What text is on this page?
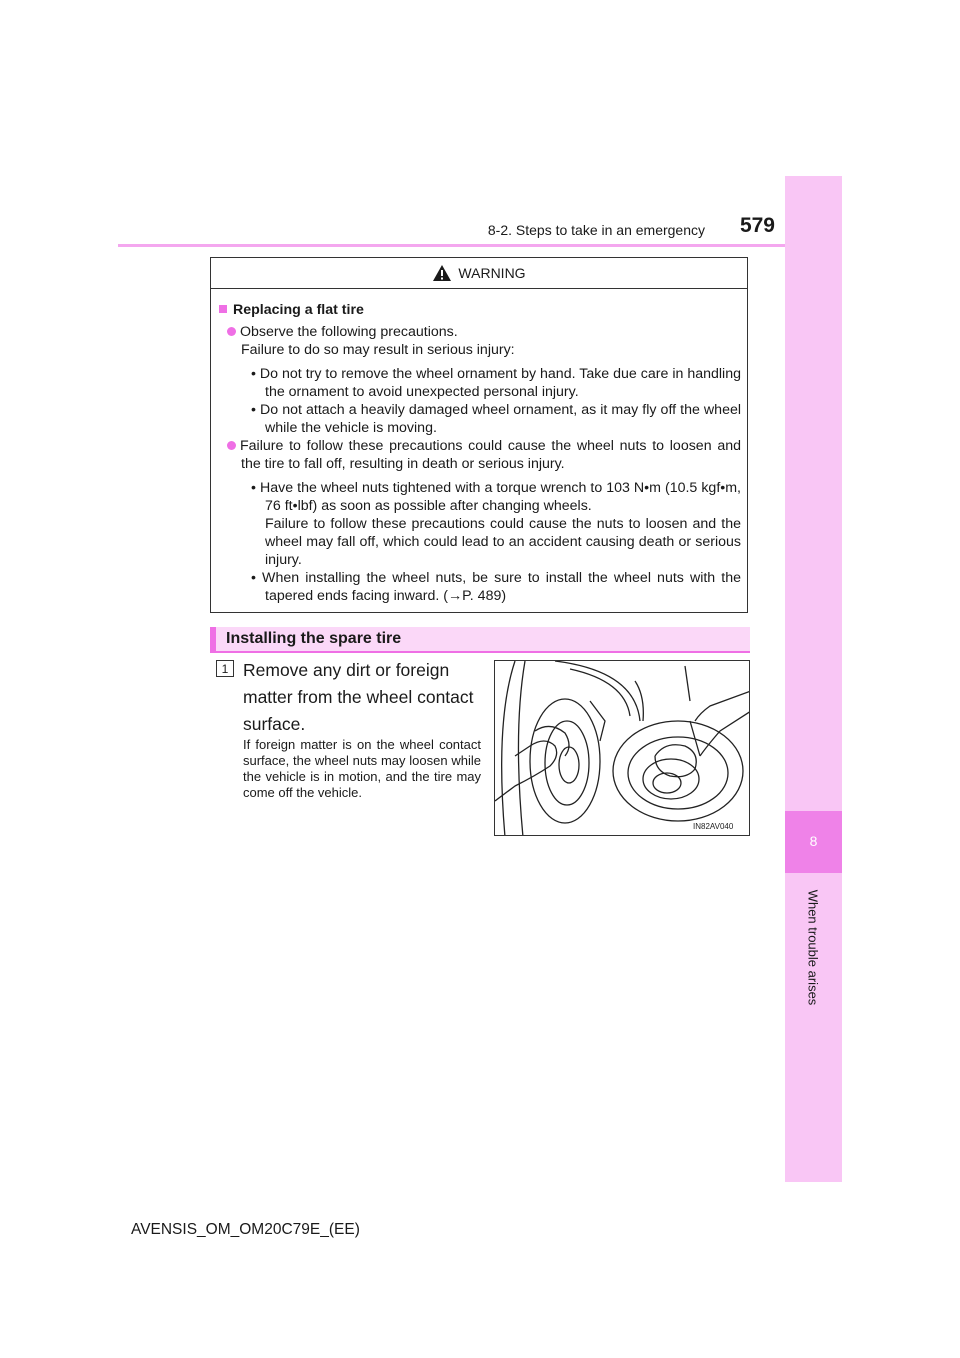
8-2. Steps to take in an emergency	579
8
When trouble arises
WARNING
Replacing a flat tire

Observe the following precautions.
Failure to do so may result in serious injury:

• Do not try to remove the wheel ornament by hand. Take due care in handling the ornament to avoid unexpected personal injury.

• Do not attach a heavily damaged wheel ornament, as it may fly off the wheel while the vehicle is moving.

Failure to follow these precautions could cause the wheel nuts to loosen and the tire to fall off, resulting in death or serious injury.

• Have the wheel nuts tightened with a torque wrench to 103 N•m (10.5 kgf•m, 76 ft•lbf) as soon as possible after changing wheels.

Failure to follow these precautions could cause the nuts to loosen and the wheel may fall off, which could lead to an accident causing death or serious injury.

• When installing the wheel nuts, be sure to install the wheel nuts with the tapered ends facing inward. (→P. 489)

Installing the spare tire
1 Remove any dirt or foreign matter from the wheel contact surface.
If foreign matter is on the wheel contact surface, the wheel nuts may loosen while the vehicle is in motion, and the tire may come off the vehicle.
IN82AV040
AVENSIS_OM_OM20C79E_(EE)
